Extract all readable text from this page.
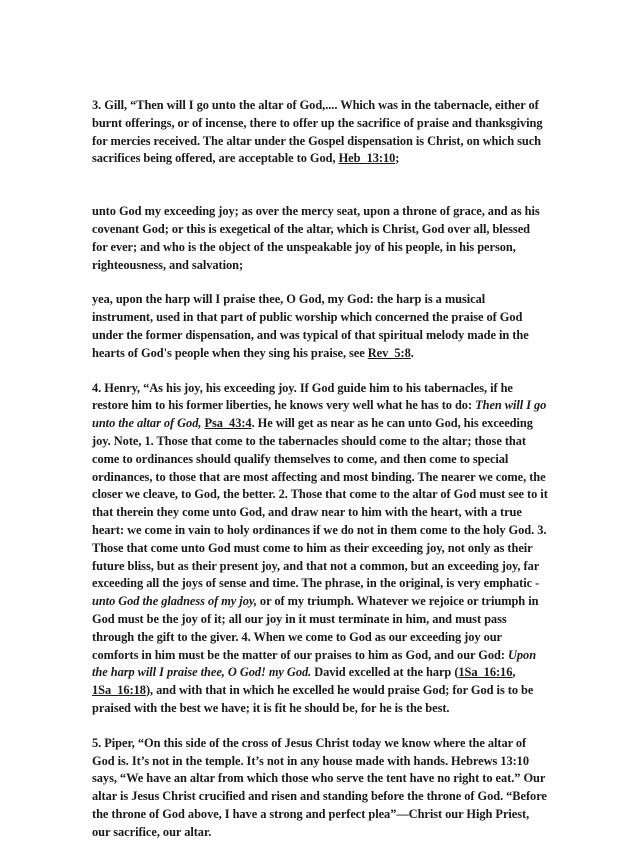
3. Gill, “Then will I go unto the altar of God,.... Which was in the tabernacle, either of burnt offerings, or of incense, there to offer up the sacrifice of praise and thanksgiving for mercies received. The altar under the Gospel dispensation is Christ, on which such sacrifices being offered, are acceptable to God, Heb_13:10;

unto God my exceeding joy; as over the mercy seat, upon a throne of grace, and as his covenant God; or this is exegetical of the altar, which is Christ, God over all, blessed for ever; and who is the object of the unspeakable joy of his people, in his person, righteousness, and salvation;

yea, upon the harp will I praise thee, O God, my God: the harp is a musical instrument, used in that part of public worship which concerned the praise of God under the former dispensation, and was typical of that spiritual melody made in the hearts of God's people when they sing his praise, see Rev_5:8.

4. Henry, “As his joy, his exceeding joy. If God guide him to his tabernacles, if he restore him to his former liberties, he knows very well what he has to do: Then will I go unto the altar of God, Psa_43:4. He will get as near as he can unto God, his exceeding joy. Note, 1. Those that come to the tabernacles should come to the altar; those that come to ordinances should qualify themselves to come, and then come to special ordinances, to those that are most affecting and most binding. The nearer we come, the closer we cleave, to God, the better. 2. Those that come to the altar of God must see to it that therein they come unto God, and draw near to him with the heart, with a true heart: we come in vain to holy ordinances if we do not in them come to the holy God. 3. Those that come unto God must come to him as their exceeding joy, not only as their future bliss, but as their present joy, and that not a common, but an exceeding joy, far exceeding all the joys of sense and time. The phrase, in the original, is very emphatic - unto God the gladness of my joy, or of my triumph. Whatever we rejoice or triumph in God must be the joy of it; all our joy in it must terminate in him, and must pass through the gift to the giver. 4. When we come to God as our exceeding joy our comforts in him must be the matter of our praises to him as God, and our God: Upon the harp will I praise thee, O God! my God. David excelled at the harp (1Sa_16:16, 1Sa_16:18), and with that in which he excelled he would praise God; for God is to be praised with the best we have; it is fit he should be, for he is the best.

5. Piper, “On this side of the cross of Jesus Christ today we know where the altar of God is. It’s not in the temple. It’s not in any house made with hands. Hebrews 13:10 says, “We have an altar from which those who serve the tent have no right to eat.” Our altar is Jesus Christ crucified and risen and standing before the throne of God. “Before the throne of God above, I have a strong and perfect plea”—Christ our High Priest, our sacrifice, our altar.
